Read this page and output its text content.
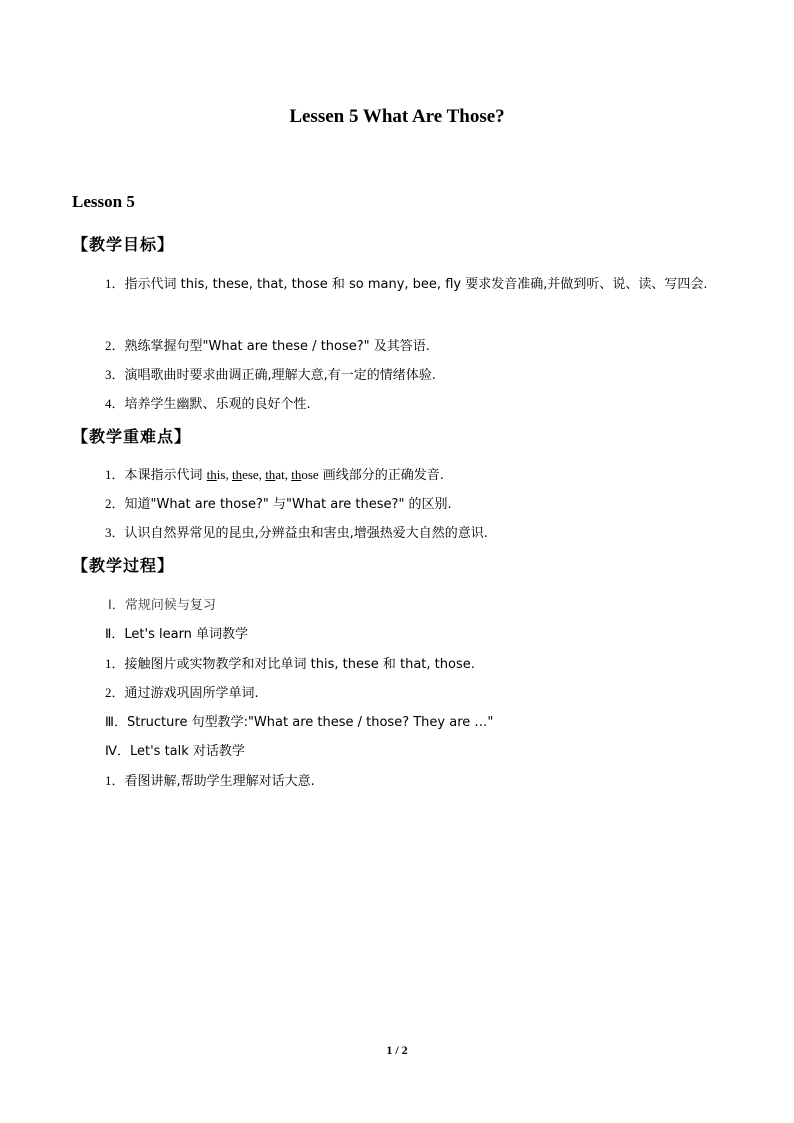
Lessen 5 What Are Those?
Lesson 5
【教学目标】
1．指示代词 this, these, that, those 和 so many, bee, fly 要求发音准确,并做到听、说、读、写四会.
2．熟练掌握句型"What are these / those?" 及其答语.
3．演唱歌曲时要求曲调正确,理解大意,有一定的情绪体验.
4．培养学生幽默、乐观的良好个性.
【教学重难点】
1．本课指示代词 this, these, that, those 画线部分的正确发音.
2．知道"What are those?" 与"What are these?" 的区别.
3．认识自然界常见的昆虫,分辨益虫和害虫,增强热爱大自然的意识.
【教学过程】
Ⅰ．常规问候与复习
Ⅱ．Let's learn 单词教学
1．接触图片或实物教学和对比单词 this, these 和 that, those.
2．通过游戏巩固所学单词.
Ⅲ．Structure 句型教学:"What are these / those? They are …"
Ⅳ．Let's talk 对话教学
1．看图讲解,帮助学生理解对话大意.
1 / 2
